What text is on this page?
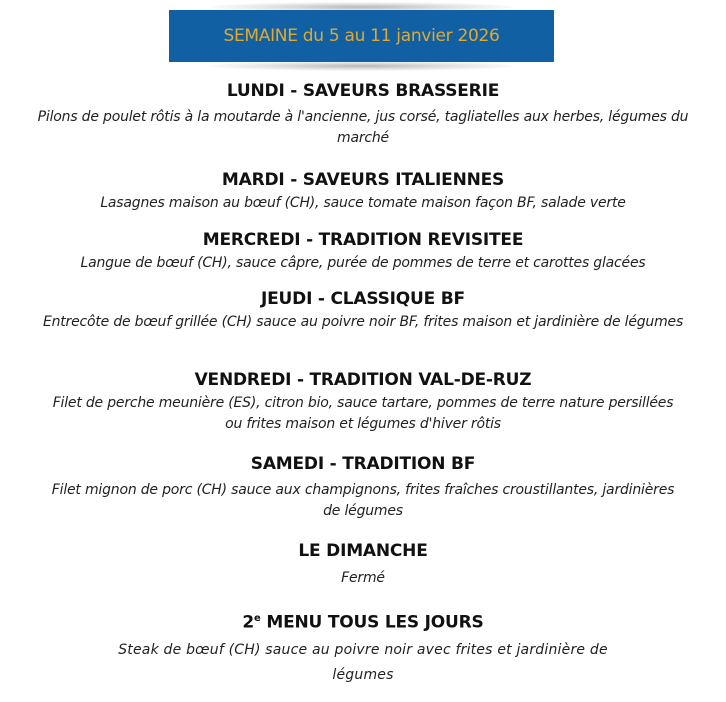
SEMAINE du 5 au 11 janvier 2026
LUNDI - SAVEURS BRASSERIE
Pilons de poulet rôtis à la moutarde à l'ancienne, jus corsé, tagliatelles aux herbes, légumes du marché
MARDI - SAVEURS ITALIENNES
Lasagnes maison au bœuf (CH), sauce tomate maison façon BF, salade verte
MERCREDI - TRADITION REVISITEE
Langue de bœuf (CH), sauce câpre, purée de pommes de terre et carottes glacées
JEUDI - CLASSIQUE BF
Entrecôte de bœuf grillée (CH) sauce au poivre noir BF, frites maison et jardinière de légumes
VENDREDI - TRADITION VAL-DE-RUZ
Filet de perche meunière (ES), citron bio, sauce tartare, pommes de terre nature persillées ou frites maison et légumes d'hiver rôtis
SAMEDI - TRADITION BF
Filet mignon de porc (CH) sauce aux champignons, frites fraîches croustillantes, jardinières de légumes
LE DIMANCHE
Fermé
2e MENU TOUS LES JOURS
Steak de bœuf (CH) sauce au poivre noir avec frites et jardinière de légumes
